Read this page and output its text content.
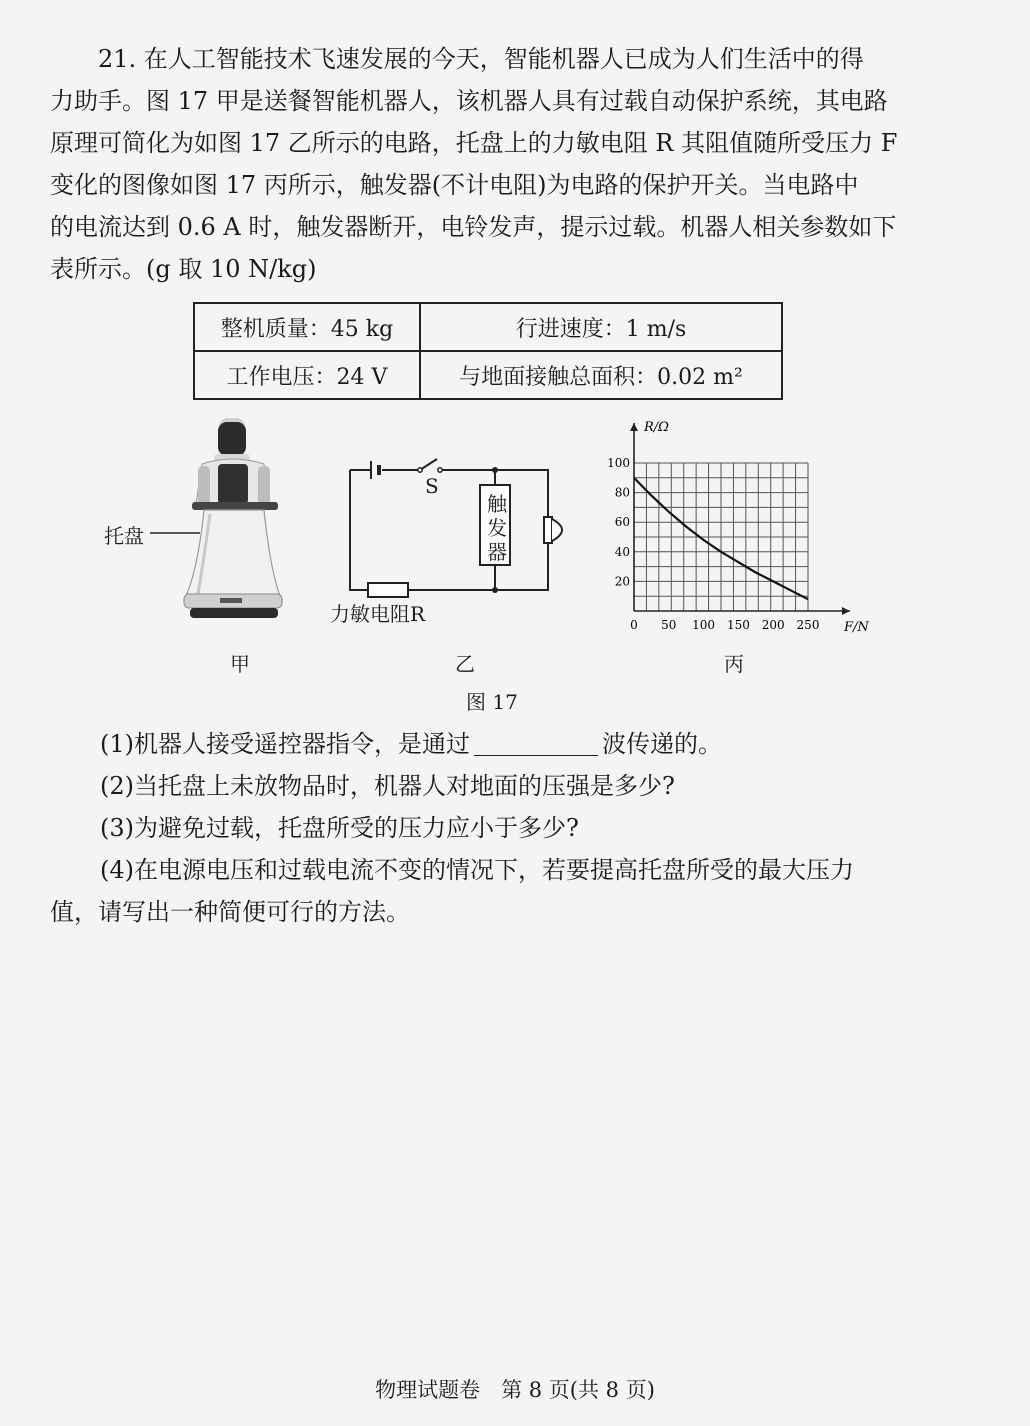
21. 在人工智能技术飞速发展的今天，智能机器人已成为人们生活中的得
力助手。图 17 甲是送餐智能机器人，该机器人具有过载自动保护系统，其电路
原理可简化为如图 17 乙所示的电路，托盘上的力敏电阻 R 其阻值随所受压力 F
变化的图像如图 17 丙所示，触发器(不计电阻)为电路的保护开关。当电路中
的电流达到 0.6 A 时，触发器断开，电铃发声，提示过载。机器人相关参数如下
表所示。(g 取 10 N/kg)
整机质量：45 kg	行进速度：1 m/s
工作电压：24 V	与地面接触总面积：0.02 m²
托盘
S
触
发
器
力敏电阻R
R/Ω
F/N
0 50 100 150 200 250
20
40
60
80
100
甲	乙	丙
图 17
(1)机器人接受遥控器指令，是通过	波传递的。
(2)当托盘上未放物品时，机器人对地面的压强是多少?
(3)为避免过载，托盘所受的压力应小于多少?
(4)在电源电压和过载电流不变的情况下，若要提高托盘所受的最大压力
值，请写出一种简便可行的方法。
物理试题卷　第 8 页(共 8 页)
